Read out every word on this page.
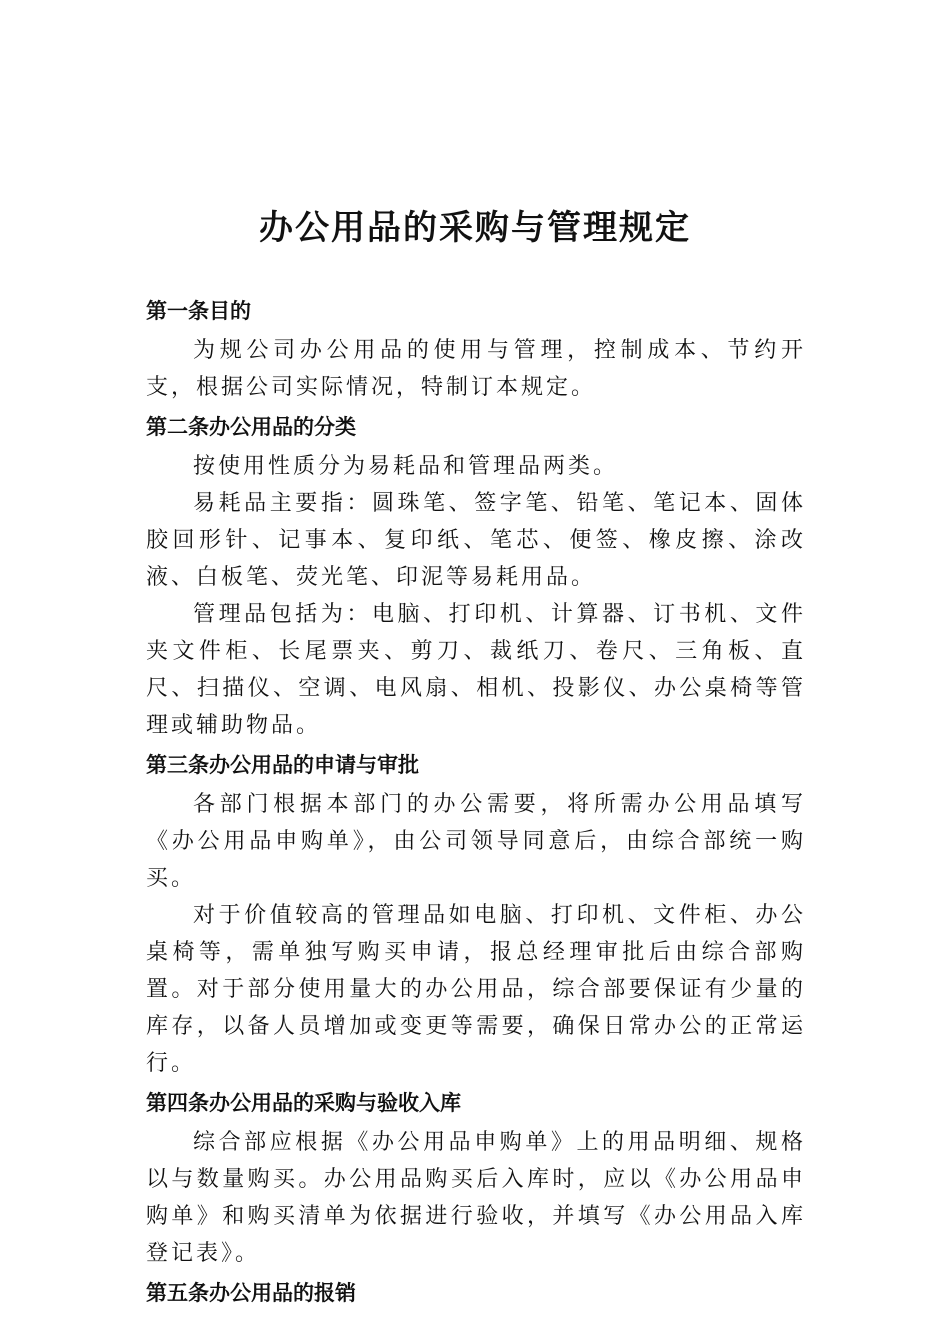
办公用品的采购与管理规定
第一条目的

为规公司办公用品的使用与管理，控制成本、节约开支，根据公司实际情况，特制订本规定。

第二条办公用品的分类

按使用性质分为易耗品和管理品两类。

易耗品主要指：圆珠笔、签字笔、铅笔、笔记本、固体胶回形针、记事本、复印纸、笔芯、便签、橡皮擦、涂改液、白板笔、荧光笔、印泥等易耗用品。

管理品包括为：电脑、打印机、计算器、订书机、文件夹文件柜、长尾票夹、剪刀、裁纸刀、卷尺、三角板、直尺、扫描仪、空调、电风扇、相机、投影仪、办公桌椅等管理或辅助物品。

第三条办公用品的申请与审批

各部门根据本部门的办公需要，将所需办公用品填写《办公用品申购单》，由公司领导同意后，由综合部统一购买。

对于价值较高的管理品如电脑、打印机、文件柜、办公桌椅等，需单独写购买申请，报总经理审批后由综合部购置。对于部分使用量大的办公用品，综合部要保证有少量的库存，以备人员增加或变更等需要，确保日常办公的正常运行。

第四条办公用品的采购与验收入库

综合部应根据《办公用品申购单》上的用品明细、规格以与数量购买。办公用品购买后入库时，应以《办公用品申购单》和购买清单为依据进行验收，并填写《办公用品入库登记表》。

第五条办公用品的报销
